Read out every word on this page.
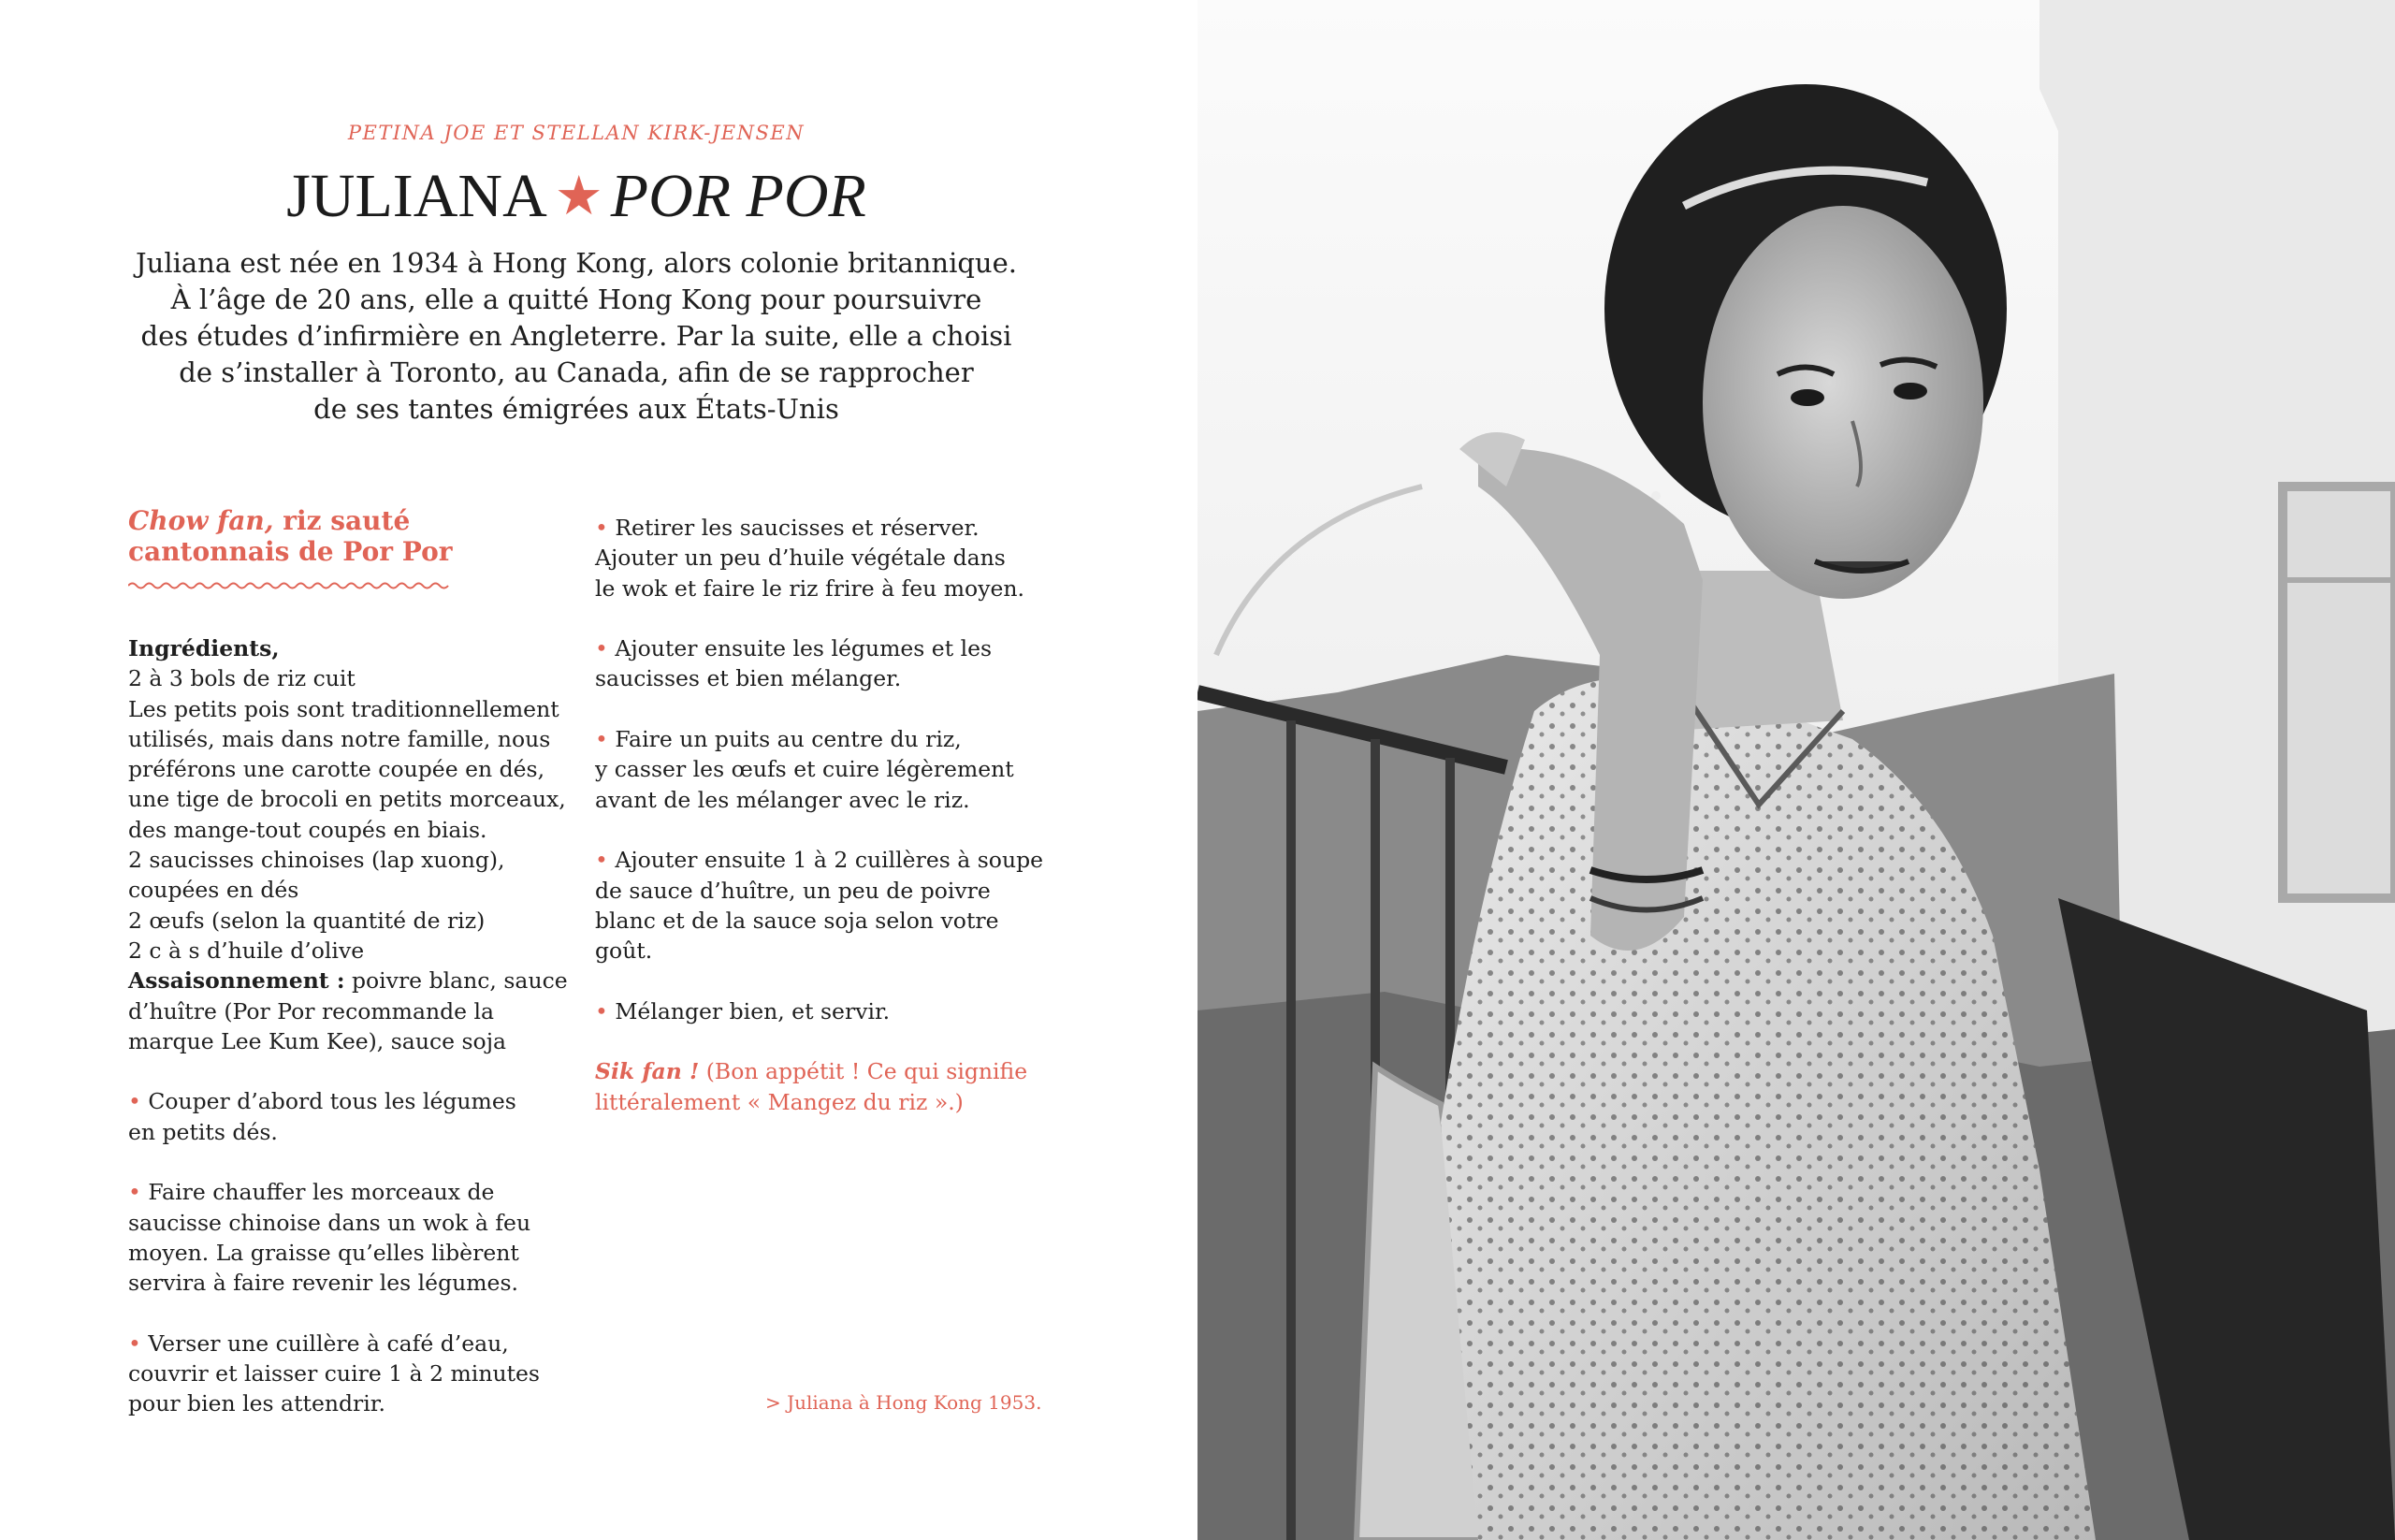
PETINA JOE ET STELLAN KIRK-JENSEN
JULIANA ★ POR POR
Juliana est née en 1934 à Hong Kong, alors colonie britannique.
À l’âge de 20 ans, elle a quitté Hong Kong pour poursuivre
des études d’infirmière en Angleterre. Par la suite, elle a choisi
de s’installer à Toronto, au Canada, afin de se rapprocher
de ses tantes émigrées aux États-Unis
Chow fan, riz sauté
cantonnais de Por Por
Ingrédients,
2 à 3 bols de riz cuit
Les petits pois sont traditionnellement
utilisés, mais dans notre famille, nous
préférons une carotte coupée en dés,
une tige de brocoli en petits morceaux,
des mange-tout coupés en biais.
2 saucisses chinoises (lap xuong),
coupées en dés
2 œufs (selon la quantité de riz)
2 c à s d’huile d’olive
Assaisonnement : poivre blanc, sauce
d’huître (Por Por recommande la
marque Lee Kum Kee), sauce soja
• Couper d’abord tous les légumes
en petits dés.
• Faire chauffer les morceaux de
saucisse chinoise dans un wok à feu
moyen. La graisse qu’elles libèrent
servira à faire revenir les légumes.
• Verser une cuillère à café d’eau,
couvrir et laisser cuire 1 à 2 minutes
pour bien les attendrir.
• Retirer les saucisses et réserver.
Ajouter un peu d’huile végétale dans
le wok et faire le riz frire à feu moyen.
• Ajouter ensuite les légumes et les
saucisses et bien mélanger.
• Faire un puits au centre du riz,
y casser les œufs et cuire légèrement
avant de les mélanger avec le riz.
• Ajouter ensuite 1 à 2 cuillères à soupe
de sauce d’huître, un peu de poivre
blanc et de la sauce soja selon votre
goût.
• Mélanger bien, et servir.
Sik fan ! (Bon appétit ! Ce qui signifie
littéralement « Mangez du riz ».)
> Juliana à Hong Kong 1953.
